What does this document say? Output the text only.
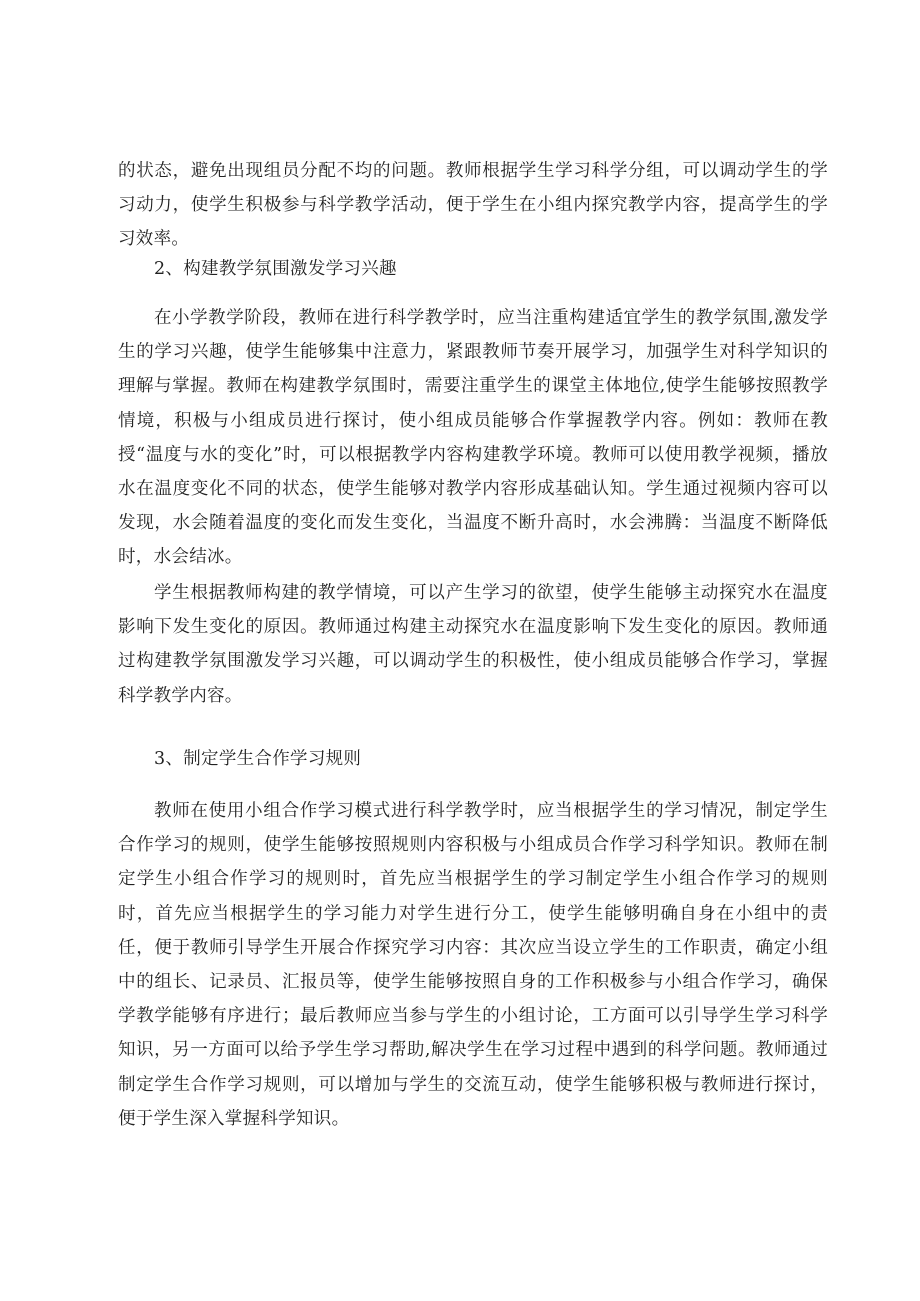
的状态，避免出现组员分配不均的问题。教师根据学生学习科学分组，可以调动学生的学习动力，使学生积极参与科学教学活动，便于学生在小组内探究教学内容，提高学生的学习效率。

2、构建教学氛围激发学习兴趣

在小学教学阶段，教师在进行科学教学时，应当注重构建适宜学生的教学氛围,激发学生的学习兴趣，使学生能够集中注意力，紧跟教师节奏开展学习，加强学生对科学知识的理解与掌握。教师在构建教学氛围时，需要注重学生的课堂主体地位,使学生能够按照教学情境，积极与小组成员进行探讨，使小组成员能够合作掌握教学内容。例如：教师在教授“温度与水的变化”时，可以根据教学内容构建教学环境。教师可以使用教学视频，播放水在温度变化不同的状态，使学生能够对教学内容形成基础认知。学生通过视频内容可以发现，水会随着温度的变化而发生变化，当温度不断升高时，水会沸腾：当温度不断降低时，水会结冰。

学生根据教师构建的教学情境，可以产生学习的欲望，使学生能够主动探究水在温度影响下发生变化的原因。教师通过构建主动探究水在温度影响下发生变化的原因。教师通过构建教学氛围激发学习兴趣，可以调动学生的积极性，使小组成员能够合作学习，掌握科学教学内容。

3、制定学生合作学习规则

教师在使用小组合作学习模式进行科学教学时，应当根据学生的学习情况，制定学生合作学习的规则，使学生能够按照规则内容积极与小组成员合作学习科学知识。教师在制定学生小组合作学习的规则时，首先应当根据学生的学习制定学生小组合作学习的规则时，首先应当根据学生的学习能力对学生进行分工，使学生能够明确自身在小组中的责任，便于教师引导学生开展合作探究学习内容：其次应当设立学生的工作职责，确定小组中的组长、记录员、汇报员等，使学生能够按照自身的工作积极参与小组合作学习，确保学教学能够有序进行；最后教师应当参与学生的小组讨论，工方面可以引导学生学习科学知识，另一方面可以给予学生学习帮助,解决学生在学习过程中遇到的科学问题。教师通过制定学生合作学习规则，可以增加与学生的交流互动，使学生能够积极与教师进行探讨，便于学生深入掌握科学知识。
